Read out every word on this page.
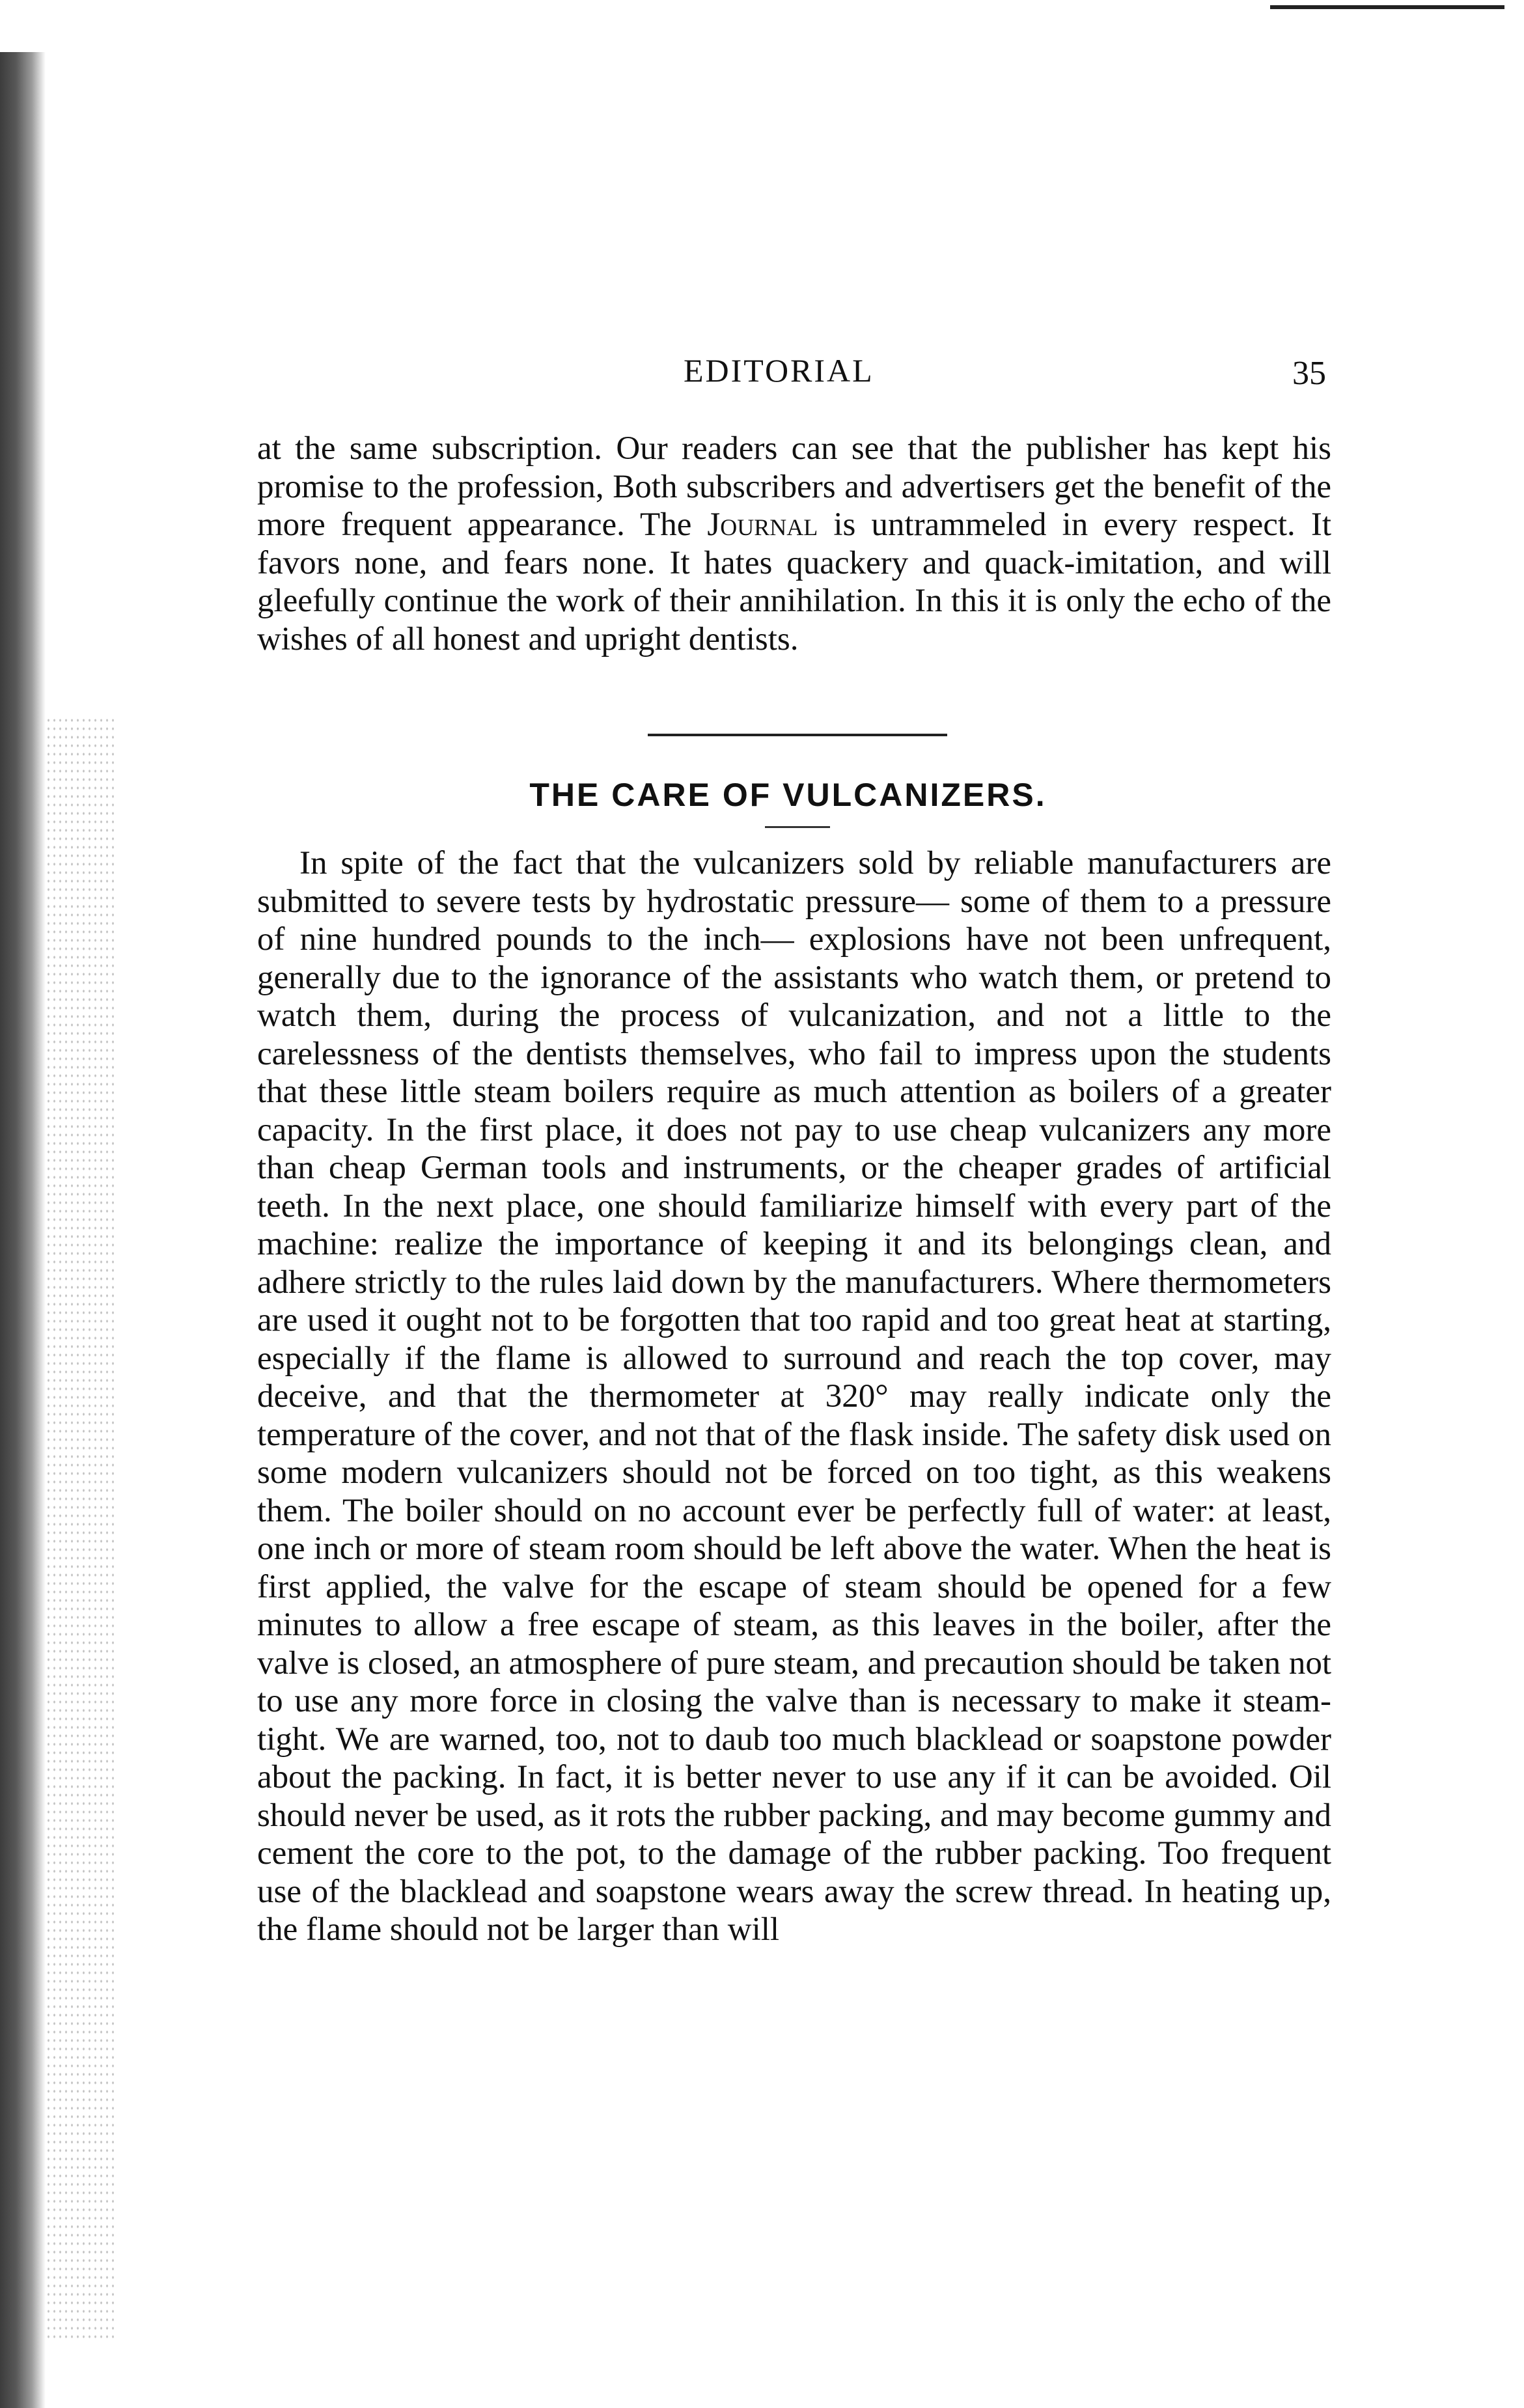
EDITORIAL	35

at the same subscription. Our readers can see that the publisher has kept his promise to the profession, Both subscribers and advertisers get the benefit of the more frequent appearance. The Journal is untrammeled in every respect. It favors none, and fears none. It hates quackery and quack-imitation, and will gleefully continue the work of their annihilation. In this it is only the echo of the wishes of all honest and upright dentists.

THE CARE OF VULCANIZERS.

In spite of the fact that the vulcanizers sold by reliable manufacturers are submitted to severe tests by hydrostatic pressure— some of them to a pressure of nine hundred pounds to the inch— explosions have not been unfrequent, generally due to the ignorance of the assistants who watch them, or pretend to watch them, during the process of vulcanization, and not a little to the carelessness of the dentists themselves, who fail to impress upon the students that these little steam boilers require as much attention as boilers of a greater capacity. In the first place, it does not pay to use cheap vulcanizers any more than cheap German tools and instruments, or the cheaper grades of artificial teeth. In the next place, one should familiarize himself with every part of the machine: realize the importance of keeping it and its belongings clean, and adhere strictly to the rules laid down by the manufacturers. Where thermometers are used it ought not to be forgotten that too rapid and too great heat at starting, especially if the flame is allowed to surround and reach the top cover, may deceive, and that the thermometer at 320° may really indicate only the temperature of the cover, and not that of the flask inside. The safety disk used on some modern vulcanizers should not be forced on too tight, as this weakens them. The boiler should on no account ever be perfectly full of water: at least, one inch or more of steam room should be left above the water. When the heat is first applied, the valve for the escape of steam should be opened for a few minutes to allow a free escape of steam, as this leaves in the boiler, after the valve is closed, an atmosphere of pure steam, and precaution should be taken not to use any more force in closing the valve than is necessary to make it steam-tight. We are warned, too, not to daub too much blacklead or soapstone powder about the packing. In fact, it is better never to use any if it can be avoided. Oil should never be used, as it rots the rubber packing, and may become gummy and cement the core to the pot, to the damage of the rubber packing. Too frequent use of the blacklead and soapstone wears away the screw thread. In heating up, the flame should not be larger than will
